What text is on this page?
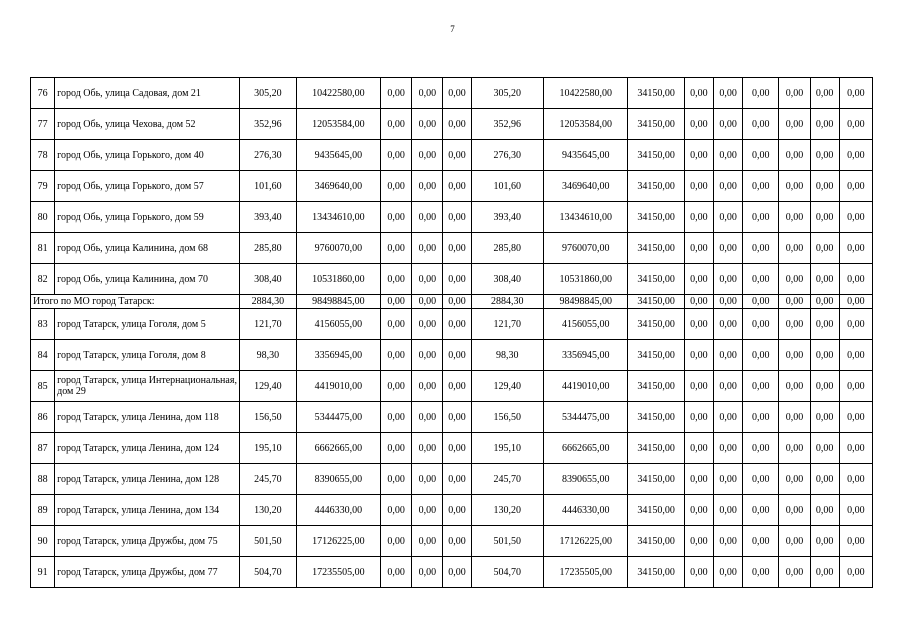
7
76	город Обь, улица Садовая, дом 21	305,20	10422580,00	0,00	0,00	0,00	305,20	10422580,00	34150,00	0,00	0,00	0,00	0,00	0,00	0,00
77	город Обь, улица Чехова, дом 52	352,96	12053584,00	0,00	0,00	0,00	352,96	12053584,00	34150,00	0,00	0,00	0,00	0,00	0,00	0,00
78	город Обь, улица Горького, дом 40	276,30	9435645,00	0,00	0,00	0,00	276,30	9435645,00	34150,00	0,00	0,00	0,00	0,00	0,00	0,00
79	город Обь, улица Горького, дом 57	101,60	3469640,00	0,00	0,00	0,00	101,60	3469640,00	34150,00	0,00	0,00	0,00	0,00	0,00	0,00
80	город Обь, улица Горького, дом 59	393,40	13434610,00	0,00	0,00	0,00	393,40	13434610,00	34150,00	0,00	0,00	0,00	0,00	0,00	0,00
81	город Обь, улица Калинина, дом 68	285,80	9760070,00	0,00	0,00	0,00	285,80	9760070,00	34150,00	0,00	0,00	0,00	0,00	0,00	0,00
82	город Обь, улица Калинина, дом 70	308,40	10531860,00	0,00	0,00	0,00	308,40	10531860,00	34150,00	0,00	0,00	0,00	0,00	0,00	0,00
Итого по МО город Татарск:		2884,30	98498845,00	0,00	0,00	0,00	2884,30	98498845,00	34150,00	0,00	0,00	0,00	0,00	0,00	0,00
83	город Татарск, улица Гоголя, дом 5	121,70	4156055,00	0,00	0,00	0,00	121,70	4156055,00	34150,00	0,00	0,00	0,00	0,00	0,00	0,00
84	город Татарск, улица Гоголя, дом 8	98,30	3356945,00	0,00	0,00	0,00	98,30	3356945,00	34150,00	0,00	0,00	0,00	0,00	0,00	0,00
85	город Татарск, улица Интернациональная, дом 29	129,40	4419010,00	0,00	0,00	0,00	129,40	4419010,00	34150,00	0,00	0,00	0,00	0,00	0,00	0,00
86	город Татарск, улица Ленина, дом 118	156,50	5344475,00	0,00	0,00	0,00	156,50	5344475,00	34150,00	0,00	0,00	0,00	0,00	0,00	0,00
87	город Татарск, улица Ленина, дом 124	195,10	6662665,00	0,00	0,00	0,00	195,10	6662665,00	34150,00	0,00	0,00	0,00	0,00	0,00	0,00
88	город Татарск, улица Ленина, дом 128	245,70	8390655,00	0,00	0,00	0,00	245,70	8390655,00	34150,00	0,00	0,00	0,00	0,00	0,00	0,00
89	город Татарск, улица Ленина, дом 134	130,20	4446330,00	0,00	0,00	0,00	130,20	4446330,00	34150,00	0,00	0,00	0,00	0,00	0,00	0,00
90	город Татарск, улица Дружбы, дом 75	501,50	17126225,00	0,00	0,00	0,00	501,50	17126225,00	34150,00	0,00	0,00	0,00	0,00	0,00	0,00
91	город Татарск, улица Дружбы, дом 77	504,70	17235505,00	0,00	0,00	0,00	504,70	17235505,00	34150,00	0,00	0,00	0,00	0,00	0,00	0,00
